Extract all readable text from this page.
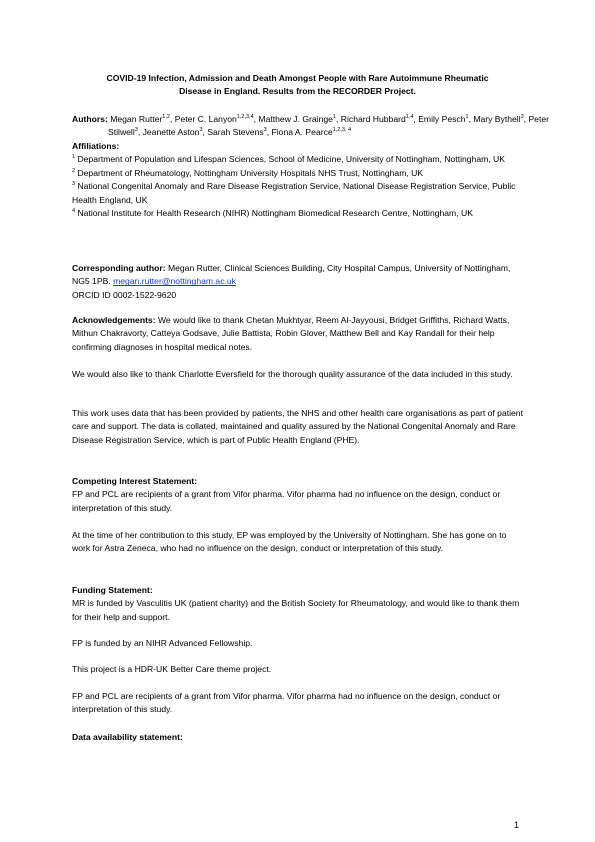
COVID-19 Infection, Admission and Death Amongst People with Rare Autoimmune Rheumatic
Disease in England. Results from the RECORDER Project.

Authors: Megan Rutter$^{1,2}$, Peter C. Lanyon$^{1,2,3,4}$, Matthew J. Grainge$^1$, Richard Hubbard$^{1,4}$, Emily Pesch$^1$, Mary Bythell$^3$, Peter Stilwell$^3$, Jeanette Aston$^3$, Sarah Stevens$^3$, Fiona A. Pearce$^{1,2,3, 4}$

Affiliations:
$^1$ Department of Population and Lifespan Sciences, School of Medicine, University of Nottingham, Nottingham, UK
$^2$ Department of Rheumatology, Nottingham University Hospitals NHS Trust, Nottingham, UK
$^3$ National Congenital Anomaly and Rare Disease Registration Service, National Disease Registration Service, Public Health England, UK
$^4$ National Institute for Health Research (NIHR) Nottingham Biomedical Research Centre, Nottingham, UK

Corresponding author: Megan Rutter, Clinical Sciences Building, City Hospital Campus, University of Nottingham, NG5 1PB. megan.rutter@nottingham.ac.uk
ORCID ID 0002-1522-9620

Acknowledgements: We would like to thank Chetan Mukhtyar, Reem Al-Jayyousi, Bridget Griffiths, Richard Watts, Mithun Chakravorty, Catteya Godsave, Julie Battista, Robin Glover, Matthew Bell and Kay Randall for their help confirming diagnoses in hospital medical notes.

We would also like to thank Charlotte Eversfield for the thorough quality assurance of the data included in this study.

This work uses data that has been provided by patients, the NHS and other health care organisations as part of patient care and support. The data is collated, maintained and quality assured by the National Congenital Anomaly and Rare Disease Registration Service, which is part of Public Health England (PHE).

Competing Interest Statement:
FP and PCL are recipients of a grant from Vifor pharma. Vifor pharma had no influence on the design, conduct or interpretation of this study.

At the time of her contribution to this study, EP was employed by the University of Nottingham. She has gone on to work for Astra Zeneca, who had no influence on the design, conduct or interpretation of this study.

Funding Statement:
MR is funded by Vasculitis UK (patient charity) and the British Society for Rheumatology, and would like to thank them for their help and support.

FP is funded by an NIHR Advanced Fellowship.

This project is a HDR-UK Better Care theme project.

FP and PCL are recipients of a grant from Vifor pharma. Vifor pharma had no influence on the design, conduct or interpretation of this study.

Data availability statement:

1
